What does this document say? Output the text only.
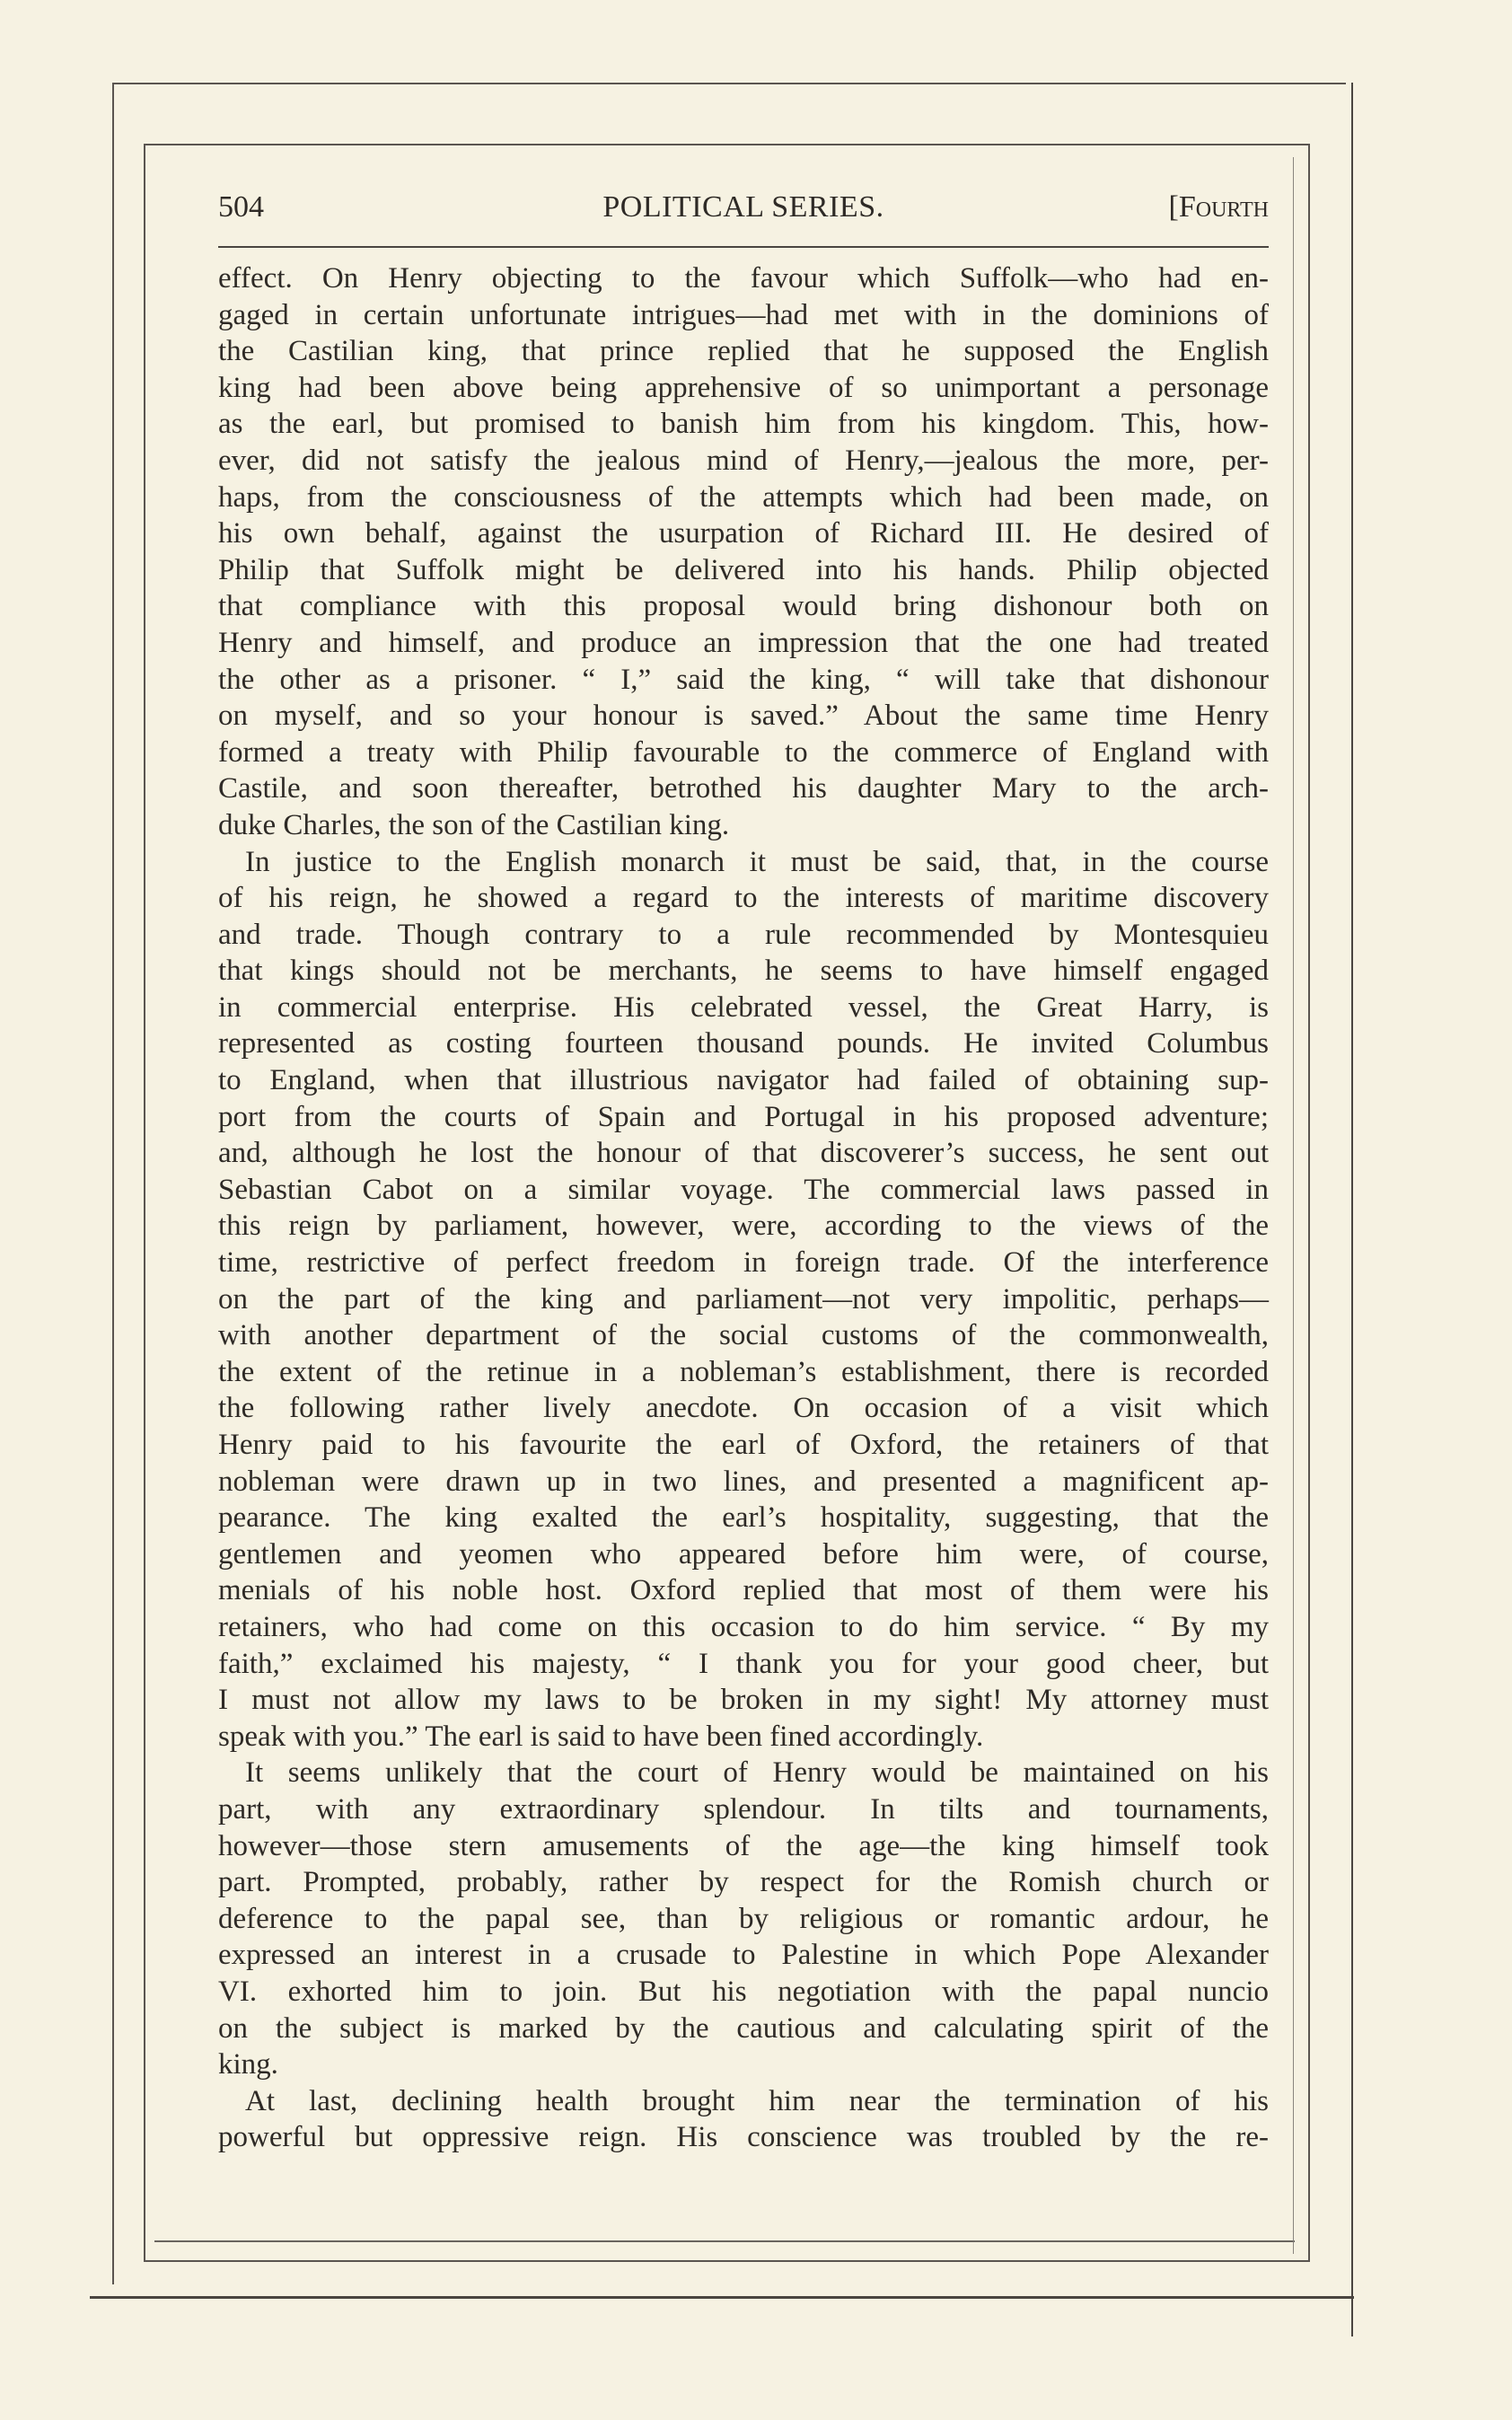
504	POLITICAL SERIES.	[Fourth
effect. On Henry objecting to the favour which Suffolk—who had en-
gaged in certain unfortunate intrigues—had met with in the dominions of
the Castilian king, that prince replied that he supposed the English
king had been above being apprehensive of so unimportant a personage
as the earl, but promised to banish him from his kingdom. This, how-
ever, did not satisfy the jealous mind of Henry,—jealous the more, per-
haps, from the consciousness of the attempts which had been made, on
his own behalf, against the usurpation of Richard III. He desired of
Philip that Suffolk might be delivered into his hands. Philip objected
that compliance with this proposal would bring dishonour both on
Henry and himself, and produce an impression that the one had treated
the other as a prisoner. “ I,” said the king, “ will take that dishonour
on myself, and so your honour is saved.” About the same time Henry
formed a treaty with Philip favourable to the commerce of England with
Castile, and soon thereafter, betrothed his daughter Mary to the arch-
duke Charles, the son of the Castilian king.
In justice to the English monarch it must be said, that, in the course
of his reign, he showed a regard to the interests of maritime discovery
and trade. Though contrary to a rule recommended by Montesquieu
that kings should not be merchants, he seems to have himself engaged
in commercial enterprise. His celebrated vessel, the Great Harry, is
represented as costing fourteen thousand pounds. He invited Columbus
to England, when that illustrious navigator had failed of obtaining sup-
port from the courts of Spain and Portugal in his proposed adventure;
and, although he lost the honour of that discoverer’s success, he sent out
Sebastian Cabot on a similar voyage. The commercial laws passed in
this reign by parliament, however, were, according to the views of the
time, restrictive of perfect freedom in foreign trade. Of the interference
on the part of the king and parliament—not very impolitic, perhaps—
with another department of the social customs of the commonwealth,
the extent of the retinue in a nobleman’s establishment, there is recorded
the following rather lively anecdote. On occasion of a visit which
Henry paid to his favourite the earl of Oxford, the retainers of that
nobleman were drawn up in two lines, and presented a magnificent ap-
pearance. The king exalted the earl’s hospitality, suggesting, that the
gentlemen and yeomen who appeared before him were, of course,
menials of his noble host. Oxford replied that most of them were his
retainers, who had come on this occasion to do him service. “ By my
faith,” exclaimed his majesty, “ I thank you for your good cheer, but
I must not allow my laws to be broken in my sight! My attorney must
speak with you.” The earl is said to have been fined accordingly.
It seems unlikely that the court of Henry would be maintained on his
part, with any extraordinary splendour. In tilts and tournaments,
however—those stern amusements of the age—the king himself took
part. Prompted, probably, rather by respect for the Romish church or
deference to the papal see, than by religious or romantic ardour, he
expressed an interest in a crusade to Palestine in which Pope Alexander
VI. exhorted him to join. But his negotiation with the papal nuncio
on the subject is marked by the cautious and calculating spirit of the
king.
At last, declining health brought him near the termination of his
powerful but oppressive reign. His conscience was troubled by the re-
